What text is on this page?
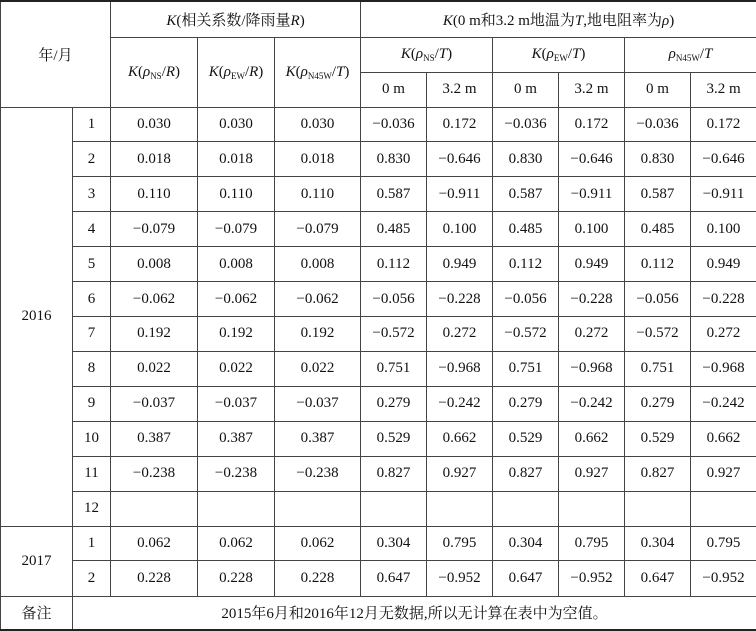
年/月		K(相关系数/降雨量R)			K(0 m和3.2 m地温为T,地电阻率为ρ)					
		$K(\rho_{NS}/R)$	$K(\rho_{EW}/R)$	$K(\rho_{N45W}/T)$	$K(\rho_{NS}/T)$		$K(\rho_{EW}/T)$		$\rho_{N45W}/T$	
					0 m	3.2 m	0 m	3.2 m	0 m	3.2 m
2016	1	0.030	0.030	0.030	−0.036	0.172	−0.036	0.172	−0.036	0.172
	2	0.018	0.018	0.018	0.830	−0.646	0.830	−0.646	0.830	−0.646
	3	0.110	0.110	0.110	0.587	−0.911	0.587	−0.911	0.587	−0.911
	4	−0.079	−0.079	−0.079	0.485	0.100	0.485	0.100	0.485	0.100
	5	0.008	0.008	0.008	0.112	0.949	0.112	0.949	0.112	0.949
	6	−0.062	−0.062	−0.062	−0.056	−0.228	−0.056	−0.228	−0.056	−0.228
	7	0.192	0.192	0.192	−0.572	0.272	−0.572	0.272	−0.572	0.272
	8	0.022	0.022	0.022	0.751	−0.968	0.751	−0.968	0.751	−0.968
	9	−0.037	−0.037	−0.037	0.279	−0.242	0.279	−0.242	0.279	−0.242
	10	0.387	0.387	0.387	0.529	0.662	0.529	0.662	0.529	0.662
	11	−0.238	−0.238	−0.238	0.827	0.927	0.827	0.927	0.827	0.927
	12									
2017	1	0.062	0.062	0.062	0.304	0.795	0.304	0.795	0.304	0.795
	2	0.228	0.228	0.228	0.647	−0.952	0.647	−0.952	0.647	−0.952
备注	2015年6月和2016年12月无数据,所以无计算在表中为空值。									
